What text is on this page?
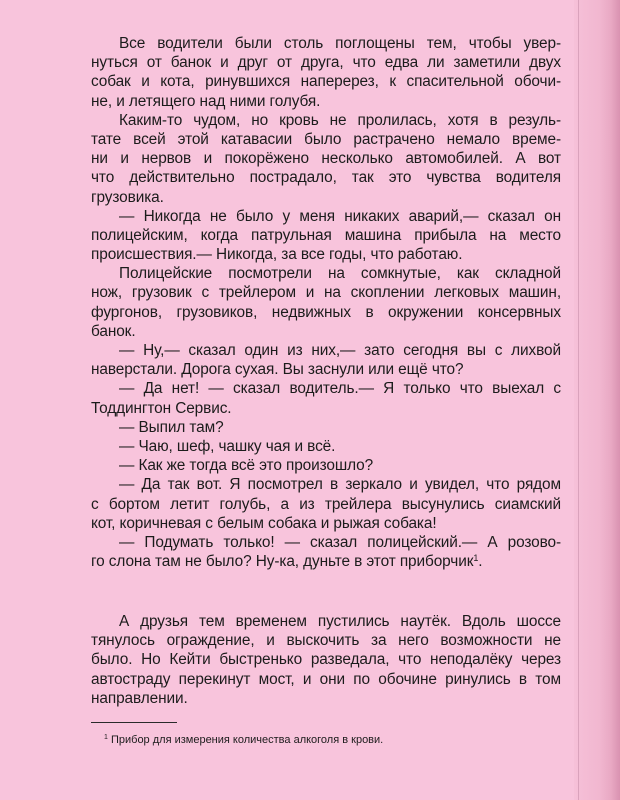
Все водители были столь поглощены тем, чтобы увер-
нуться от банок и друг от друга, что едва ли заметили двух
собак и кота, ринувшихся наперерез, к спасительной обочи-
не, и летящего над ними голубя.
Каким-то чудом, но кровь не пролилась, хотя в резуль-
тате всей этой катавасии было растрачено немало време-
ни и нервов и покорёжено несколько автомобилей. А вот
что действительно пострадало, так это чувства водителя
грузовика.
— Никогда не было у меня никаких аварий,— сказал он
полицейским, когда патрульная машина прибыла на место
происшествия.— Никогда, за все годы, что работаю.
Полицейские посмотрели на сомкнутые, как складной
нож, грузовик с трейлером и на скоплении легковых машин,
фургонов, грузовиков, недвижных в окружении консервных
банок.
— Ну,— сказал один из них,— зато сегодня вы с лихвой
наверстали. Дорога сухая. Вы заснули или ещё что?
— Да нет! — сказал водитель.— Я только что выехал с
Тоддингтон Сервис.
— Выпил там?
— Чаю, шеф, чашку чая и всё.
— Как же тогда всё это произошло?
— Да так вот. Я посмотрел в зеркало и увидел, что рядом
с бортом летит голубь, а из трейлера высунулись сиамский
кот, коричневая с белым собака и рыжая собака!
— Подумать только! — сказал полицейский.— А розово-
го слона там не было? Ну-ка, дуньте в этот приборчик$^1$.
А друзья тем временем пустились наутёк. Вдоль шоссе
тянулось ограждение, и выскочить за него возможности не
было. Но Кейти быстренько разведала, что неподалёку через
автостраду перекинут мост, и они по обочине ринулись в том
направлении.
$^1$ Прибор для измерения количества алкоголя в крови.
